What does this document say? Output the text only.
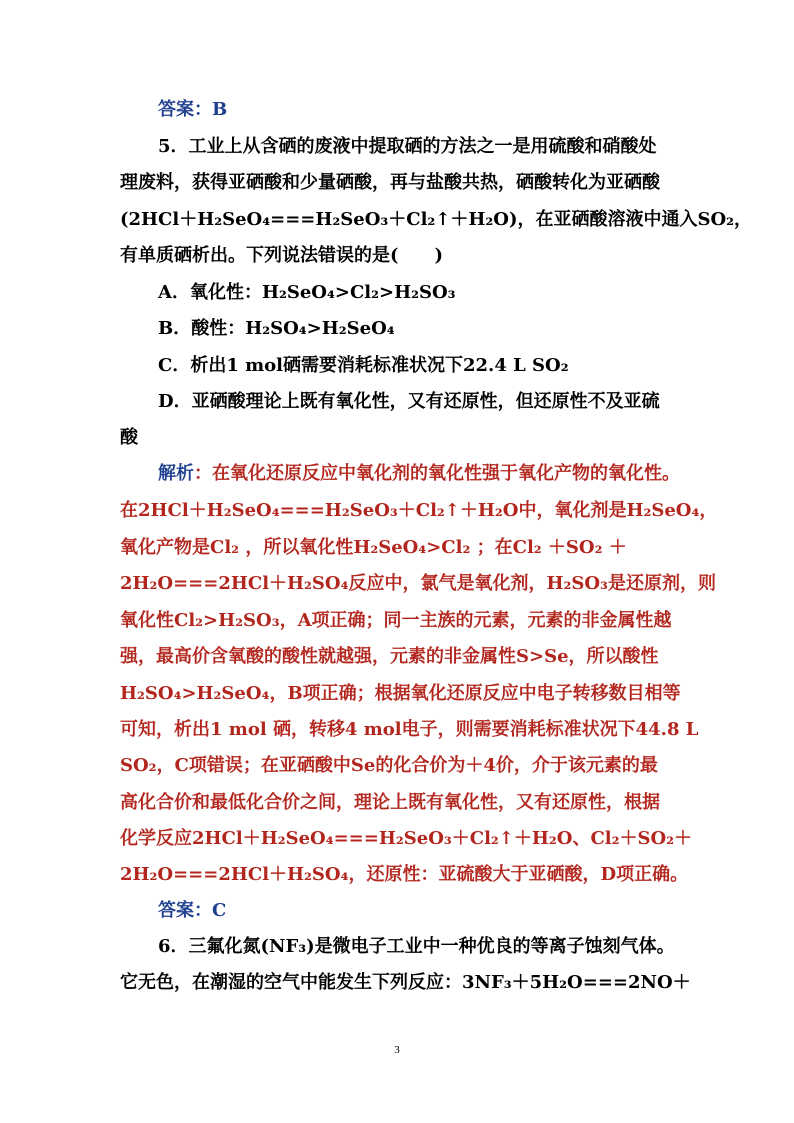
答案：B
5．工业上从含硒的废液中提取硒的方法之一是用硫酸和硝酸处
理废料，获得亚硒酸和少量硒酸，再与盐酸共热，硒酸转化为亚硒酸
(2HCl＋H₂SeO₄===H₂SeO₃＋Cl₂↑＋H₂O)，在亚硒酸溶液中通入SO₂，
有单质硒析出。下列说法错误的是(　　)
A．氧化性：H₂SeO₄>Cl₂>H₂SO₃
B．酸性：H₂SO₄>H₂SeO₄
C．析出1 mol硒需要消耗标准状况下22.4 L SO₂
D．亚硒酸理论上既有氧化性，又有还原性，但还原性不及亚硫
酸
解析：在氧化还原反应中氧化剂的氧化性强于氧化产物的氧化性。
在2HCl＋H₂SeO₄===H₂SeO₃＋Cl₂↑＋H₂O中，氧化剂是H₂SeO₄，
氧化产物是Cl₂ ，所以氧化性H₂SeO₄>Cl₂ ；在Cl₂ ＋SO₂ ＋
2H₂O===2HCl＋H₂SO₄反应中，氯气是氧化剂，H₂SO₃是还原剂，则
氧化性Cl₂>H₂SO₃，A项正确；同一主族的元素，元素的非金属性越
强，最高价含氧酸的酸性就越强，元素的非金属性S>Se，所以酸性
H₂SO₄>H₂SeO₄，B项正确；根据氧化还原反应中电子转移数目相等
可知，析出1 mol 硒，转移4 mol电子，则需要消耗标准状况下44.8 L
SO₂，C项错误；在亚硒酸中Se的化合价为＋4价，介于该元素的最
高化合价和最低化合价之间，理论上既有氧化性，又有还原性，根据
化学反应2HCl＋H₂SeO₄===H₂SeO₃＋Cl₂↑＋H₂O、Cl₂＋SO₂＋
2H₂O===2HCl＋H₂SO₄，还原性：亚硫酸大于亚硒酸，D项正确。
答案：C
6．三氟化氮(NF₃)是微电子工业中一种优良的等离子蚀刻气体。
它无色，在潮湿的空气中能发生下列反应：3NF₃＋5H₂O===2NO＋
3
